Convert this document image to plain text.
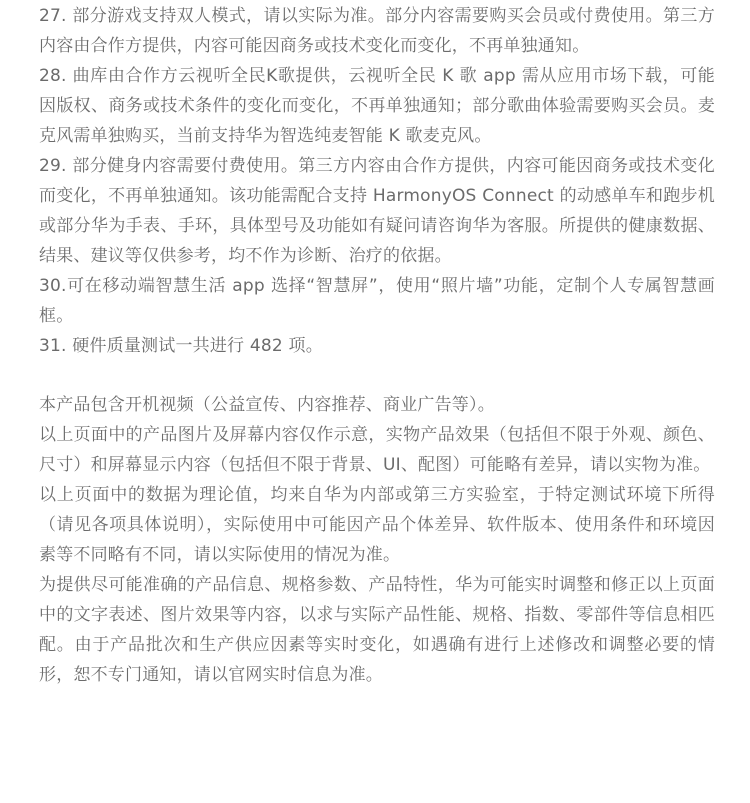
27. 部分游戏支持双人模式，请以实际为准。部分内容需要购买会员或付费使用。第三方内容由合作方提供，内容可能因商务或技术变化而变化，不再单独通知。
28. 曲库由合作方云视听全民K歌提供，云视听全民 K 歌 app 需从应用市场下载，可能因版权、商务或技术条件的变化而变化，不再单独通知；部分歌曲体验需要购买会员。麦克风需单独购买，当前支持华为智选纯麦智能 K 歌麦克风。
29. 部分健身内容需要付费使用。第三方内容由合作方提供，内容可能因商务或技术变化而变化，不再单独通知。该功能需配合支持 HarmonyOS Connect 的动感单车和跑步机或部分华为手表、手环，具体型号及功能如有疑问请咨询华为客服。所提供的健康数据、结果、建议等仅供参考，均不作为诊断、治疗的依据。
30.可在移动端智慧生活 app 选择“智慧屏”，使用“照片墙”功能，定制个人专属智慧画框。
31. 硬件质量测试一共进行 482 项。

本产品包含开机视频（公益宣传、内容推荐、商业广告等）。

以上页面中的产品图片及屏幕内容仅作示意，实物产品效果（包括但不限于外观、颜色、尺寸）和屏幕显示内容（包括但不限于背景、UI、配图）可能略有差异，请以实物为准。

以上页面中的数据为理论值，均来自华为内部或第三方实验室，于特定测试环境下所得（请见各项具体说明），实际使用中可能因产品个体差异、软件版本、使用条件和环境因素等不同略有不同，请以实际使用的情况为准。

为提供尽可能准确的产品信息、规格参数、产品特性，华为可能实时调整和修正以上页面中的文字表述、图片效果等内容，以求与实际产品性能、规格、指数、零部件等信息相匹配。由于产品批次和生产供应因素等实时变化，如遇确有进行上述修改和调整必要的情形，恕不专门通知，请以官网实时信息为准。
